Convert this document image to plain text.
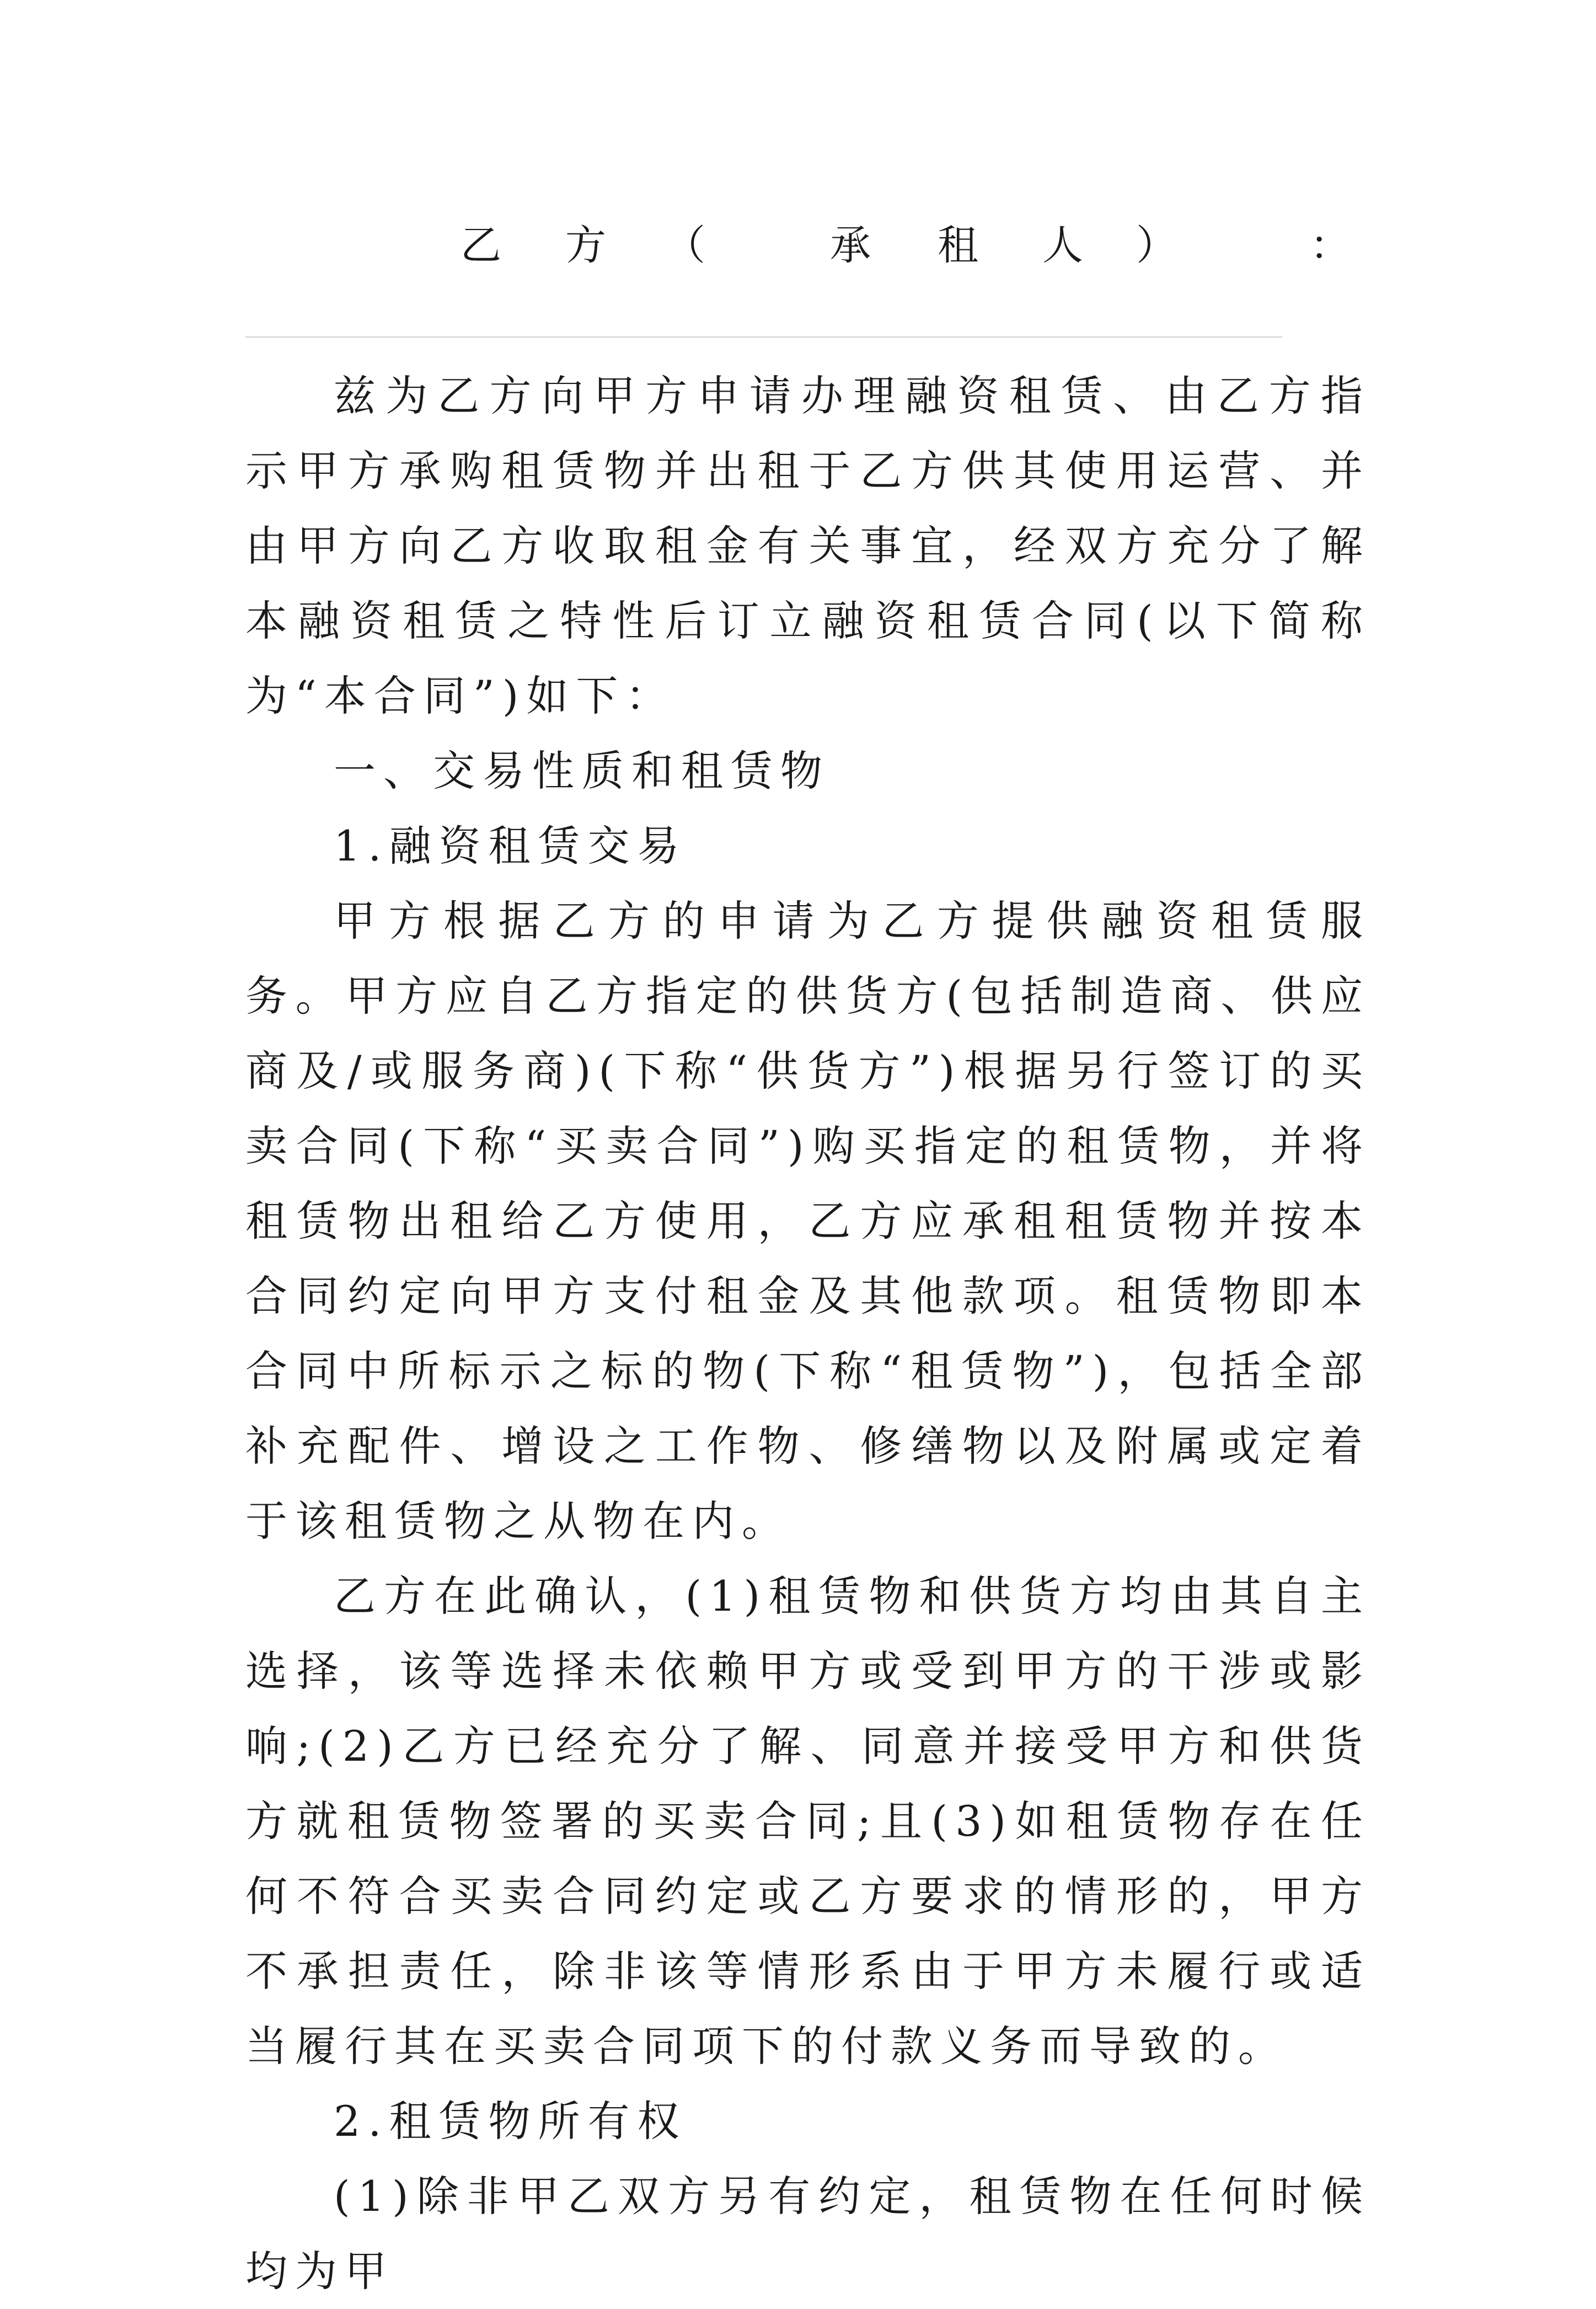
乙 方 （	承 租 人 ）	：

兹为乙方向甲方申请办理融资租赁、由乙方指示甲方承购租赁物并出租于乙方供其使用运营、并由甲方向乙方收取租金有关事宜，经双方充分了解本融资租赁之特性后订立融资租赁合同(以下简称为“本合同”)如下：

一、交易性质和租赁物

1.融资租赁交易

甲方根据乙方的申请为乙方提供融资租赁服务。甲方应自乙方指定的供货方(包括制造商、供应商及/或服务商)(下称“供货方”)根据另行签订的买卖合同(下称“买卖合同”)购买指定的租赁物，并将租赁物出租给乙方使用，乙方应承租租赁物并按本合同约定向甲方支付租金及其他款项。租赁物即本合同中所标示之标的物(下称“租赁物”)，包括全部补充配件、增设之工作物、修缮物以及附属或定着于该租赁物之从物在内。

乙方在此确认，(1)租赁物和供货方均由其自主选择，该等选择未依赖甲方或受到甲方的干涉或影响;(2)乙方已经充分了解、同意并接受甲方和供货方就租赁物签署的买卖合同;且(3)如租赁物存在任何不符合买卖合同约定或乙方要求的情形的，甲方不承担责任，除非该等情形系由于甲方未履行或适当履行其在买卖合同项下的付款义务而导致的。

2.租赁物所有权

(1)除非甲乙双方另有约定，租赁物在任何时候均为甲
